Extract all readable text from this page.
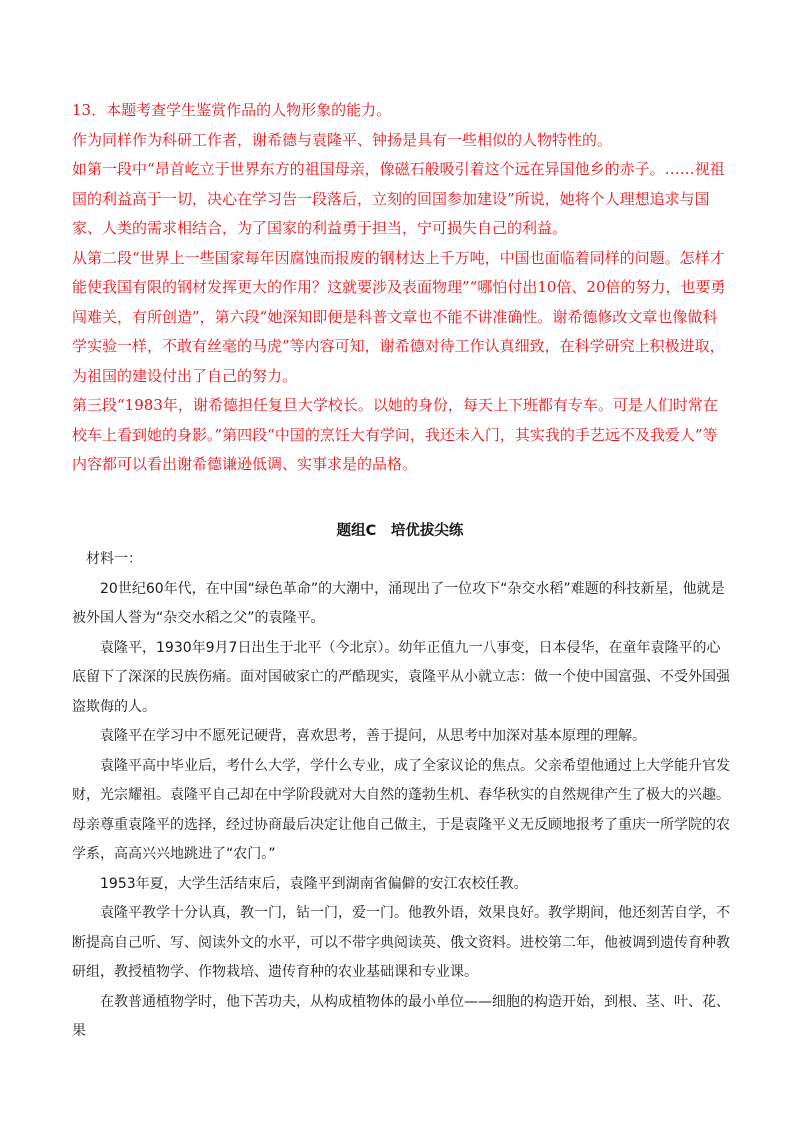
13．本题考查学生鉴赏作品的人物形象的能力。

作为同样作为科研工作者，谢希德与袁隆平、钟扬是具有一些相似的人物特性的。

如第一段中“昂首屹立于世界东方的祖国母亲，像磁石般吸引着这个远在异国他乡的赤子。……视祖国的利益高于一切，决心在学习告一段落后，立刻的回国参加建设”所说，她将个人理想追求与国家、人类的需求相结合，为了国家的利益勇于担当，宁可损失自己的利益。

从第二段“世界上一些国家每年因腐蚀而报废的钢材达上千万吨，中国也面临着同样的问题。怎样才能使我国有限的钢材发挥更大的作用？这就要涉及表面物理”“哪怕付出10倍、20倍的努力，也要勇闯难关，有所创造”，第六段“她深知即便是科普文章也不能不讲准确性。谢希德修改文章也像做科学实验一样，不敢有丝毫的马虎”等内容可知，谢希德对待工作认真细致，在科学研究上积极进取，为祖国的建设付出了自己的努力。

第三段“1983年，谢希德担任复旦大学校长。以她的身份，每天上下班都有专车。可是人们时常在校车上看到她的身影。”第四段“中国的烹饪大有学问，我还未入门，其实我的手艺远不及我爱人”等内容都可以看出谢希德谦逊低调、实事求是的品格。

题组C　培优拔尖练

材料一：

20世纪60年代，在中国“绿色革命”的大潮中，涌现出了一位攻下“杂交水稻”难题的科技新星，他就是被外国人誉为“杂交水稻之父”的袁隆平。

袁隆平，1930年9月7日出生于北平（今北京）。幼年正值九一八事变，日本侵华，在童年袁隆平的心底留下了深深的民族伤痛。面对国破家亡的严酷现实，袁隆平从小就立志：做一个使中国富强、不受外国强盗欺侮的人。

袁隆平在学习中不愿死记硬背，喜欢思考，善于提问，从思考中加深对基本原理的理解。

袁隆平高中毕业后，考什么大学，学什么专业，成了全家议论的焦点。父亲希望他通过上大学能升官发财，光宗耀祖。袁隆平自己却在中学阶段就对大自然的蓬勃生机、春华秋实的自然规律产生了极大的兴趣。母亲尊重袁隆平的选择，经过协商最后决定让他自己做主，于是袁隆平义无反顾地报考了重庆一所学院的农学系，高高兴兴地跳进了“农门。”

1953年夏，大学生活结束后，袁隆平到湖南省偏僻的安江农校任教。

袁隆平教学十分认真，教一门，钻一门，爱一门。他教外语，效果良好。教学期间，他还刻苦自学，不断提高自己听、写、阅读外文的水平，可以不带字典阅读英、俄文资料。进校第二年，他被调到遗传育种教研组，教授植物学、作物栽培、遗传育种的农业基础课和专业课。

在教普通植物学时，他下苦功夫，从构成植物体的最小单位——细胞的构造开始，到根、茎、叶、花、果
